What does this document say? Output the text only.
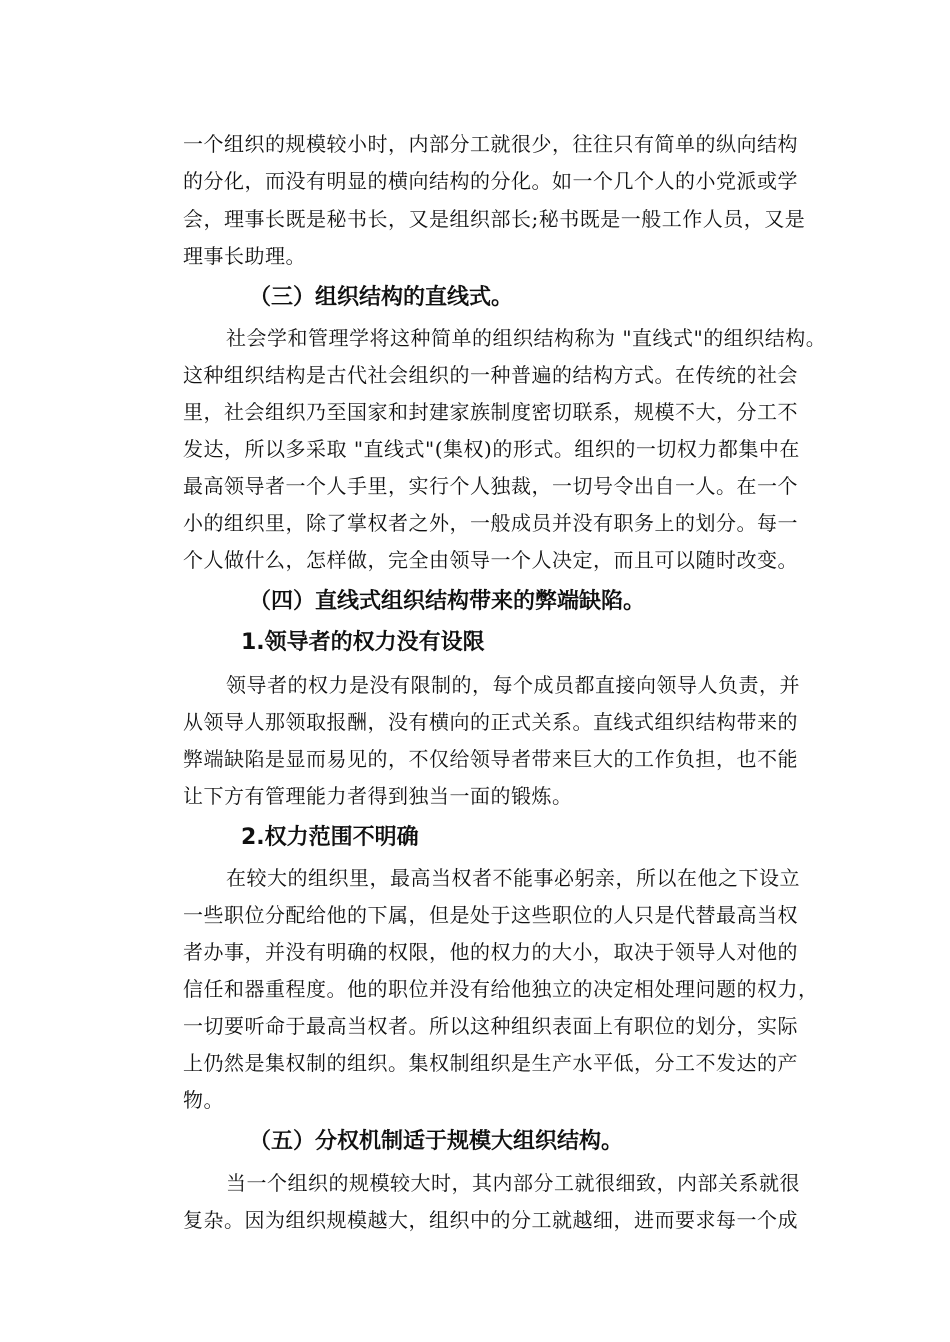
一个组织的规模较小时，内部分工就很少，往往只有简单的纵向结构
的分化，而没有明显的横向结构的分化。如一个几个人的小党派或学
会，理事长既是秘书长，又是组织部长;秘书既是一般工作人员，又是
理事长助理。
（三）组织结构的直线式。
社会学和管理学将这种简单的组织结构称为 "直线式"的组织结构。
这种组织结构是古代社会组织的一种普遍的结构方式。在传统的社会
里，社会组织乃至国家和封建家族制度密切联系，规模不大，分工不
发达，所以多采取 "直线式"(集权)的形式。组织的一切权力都集中在
最高领导者一个人手里，实行个人独裁，一切号令出自一人。在一个
小的组织里，除了掌权者之外，一般成员并没有职务上的划分。每一
个人做什么，怎样做，完全由领导一个人决定，而且可以随时改变。
（四）直线式组织结构带来的弊端缺陷。
1.领导者的权力没有设限
领导者的权力是没有限制的，每个成员都直接向领导人负责，并
从领导人那领取报酬，没有横向的正式关系。直线式组织结构带来的
弊端缺陷是显而易见的，不仅给领导者带来巨大的工作负担，也不能
让下方有管理能力者得到独当一面的锻炼。
2.权力范围不明确
在较大的组织里，最高当权者不能事必躬亲，所以在他之下设立
一些职位分配给他的下属，但是处于这些职位的人只是代替最高当权
者办事，并没有明确的权限，他的权力的大小，取决于领导人对他的
信任和器重程度。他的职位并没有给他独立的决定相处理问题的权力，
一切要听命于最高当权者。所以这种组织表面上有职位的划分，实际
上仍然是集权制的组织。集权制组织是生产水平低，分工不发达的产
物。
（五）分权机制适于规模大组织结构。
当一个组织的规模较大时，其内部分工就很细致，内部关系就很
复杂。因为组织规模越大，组织中的分工就越细，进而要求每一个成
